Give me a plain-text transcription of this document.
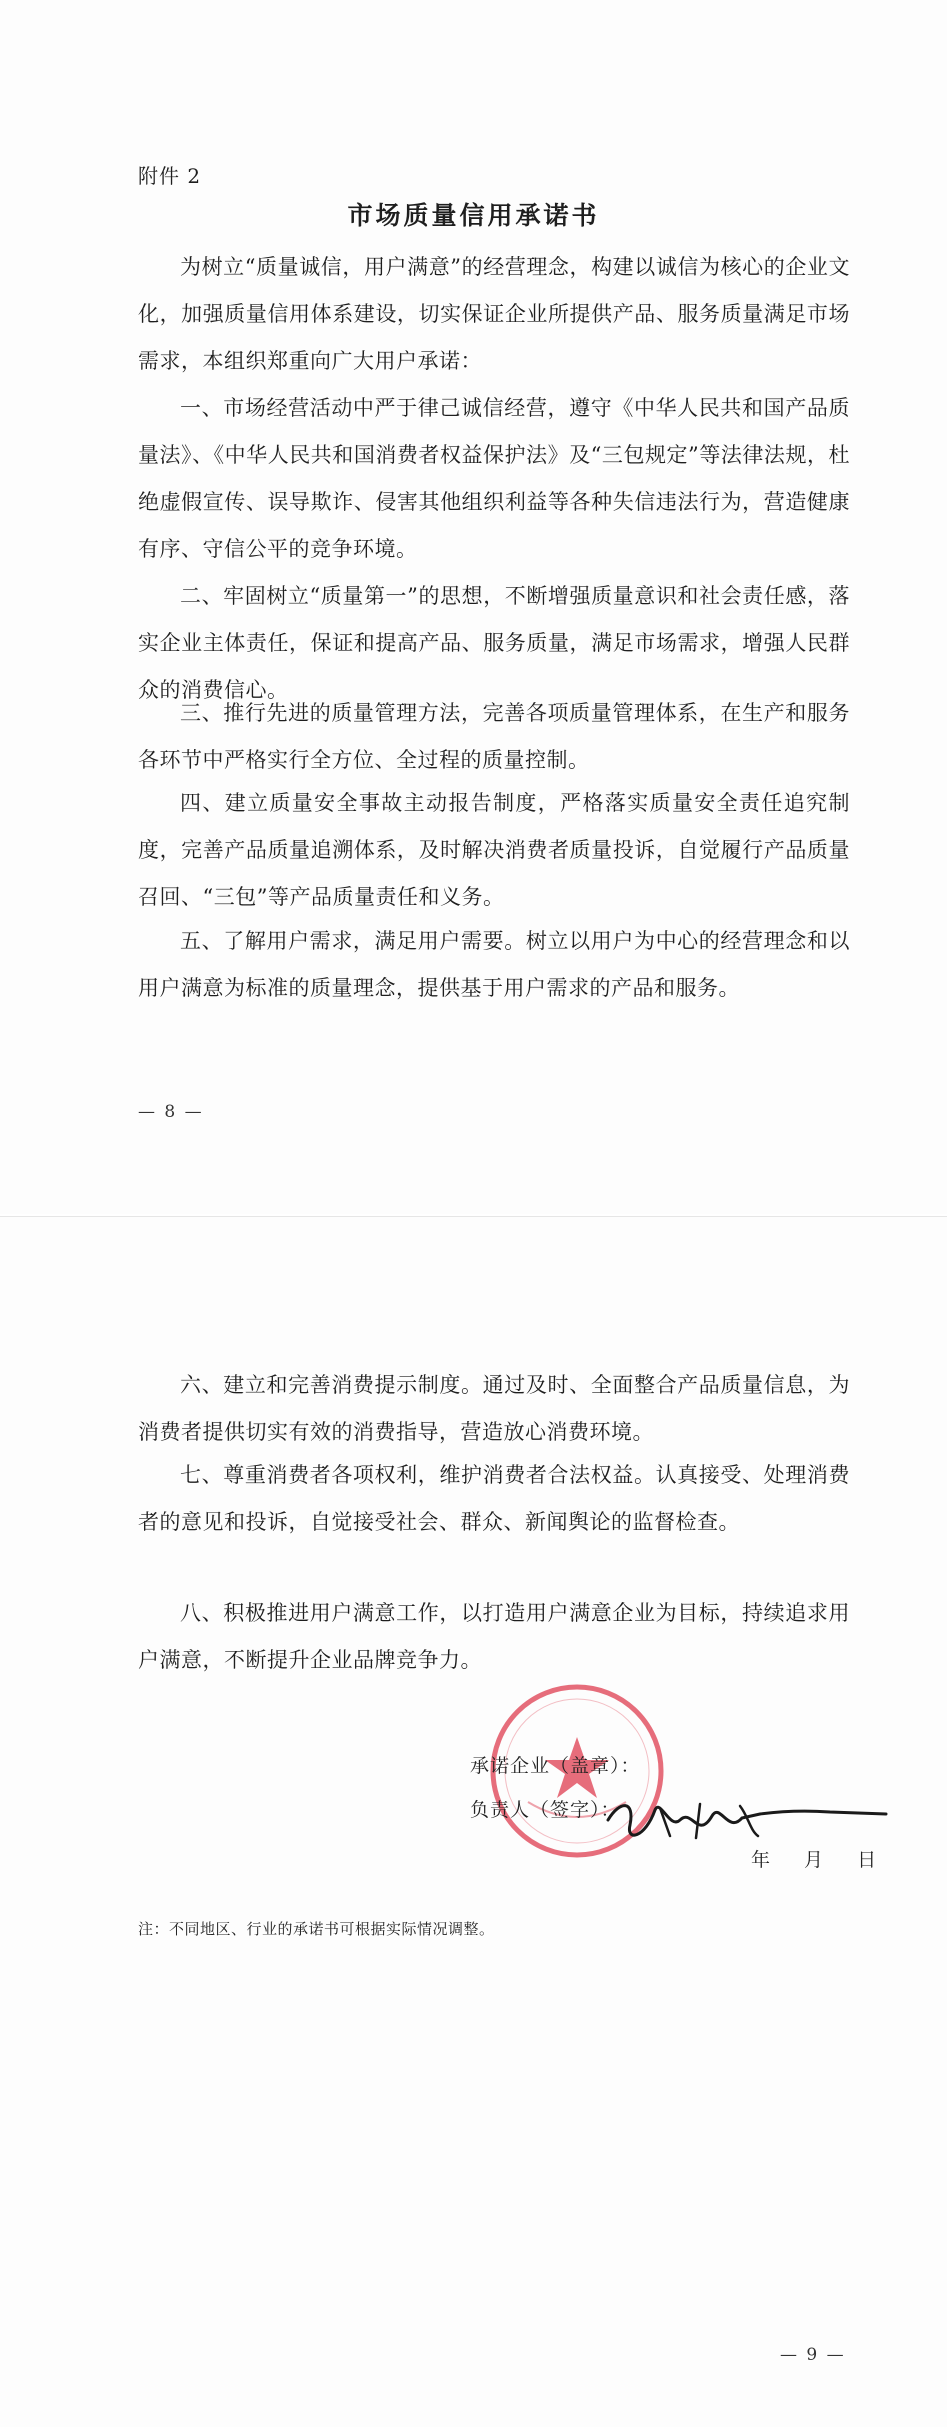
附件 2
市场质量信用承诺书

为树立“质量诚信，用户满意”的经营理念，构建以诚信为核心的企业文化，加强质量信用体系建设，切实保证企业所提供产品、服务质量满足市场需求，本组织郑重向广大用户承诺：

一、市场经营活动中严于律己诚信经营，遵守《中华人民共和国产品质量法》、《中华人民共和国消费者权益保护法》及“三包规定”等法律法规，杜绝虚假宣传、误导欺诈、侵害其他组织利益等各种失信违法行为，营造健康有序、守信公平的竞争环境。

二、牢固树立“质量第一”的思想，不断增强质量意识和社会责任感，落实企业主体责任，保证和提高产品、服务质量，满足市场需求，增强人民群众的消费信心。

三、推行先进的质量管理方法，完善各项质量管理体系，在生产和服务各环节中严格实行全方位、全过程的质量控制。

四、建立质量安全事故主动报告制度，严格落实质量安全责任追究制度，完善产品质量追溯体系，及时解决消费者质量投诉，自觉履行产品质量召回、“三包”等产品质量责任和义务。

五、了解用户需求，满足用户需要。树立以用户为中心的经营理念和以用户满意为标准的质量理念，提供基于用户需求的产品和服务。

— 8 —
— 9 —

六、建立和完善消费提示制度。通过及时、全面整合产品质量信息，为消费者提供切实有效的消费指导，营造放心消费环境。

七、尊重消费者各项权利，维护消费者合法权益。认真接受、处理消费者的意见和投诉，自觉接受社会、群众、新闻舆论的监督检查。

八、积极推进用户满意工作，以打造用户满意企业为目标，持续追求用户满意，不断提升企业品牌竞争力。

承诺企业（盖章）：
负责人（签字）：
年 月 日
注：不同地区、行业的承诺书可根据实际情况调整。
